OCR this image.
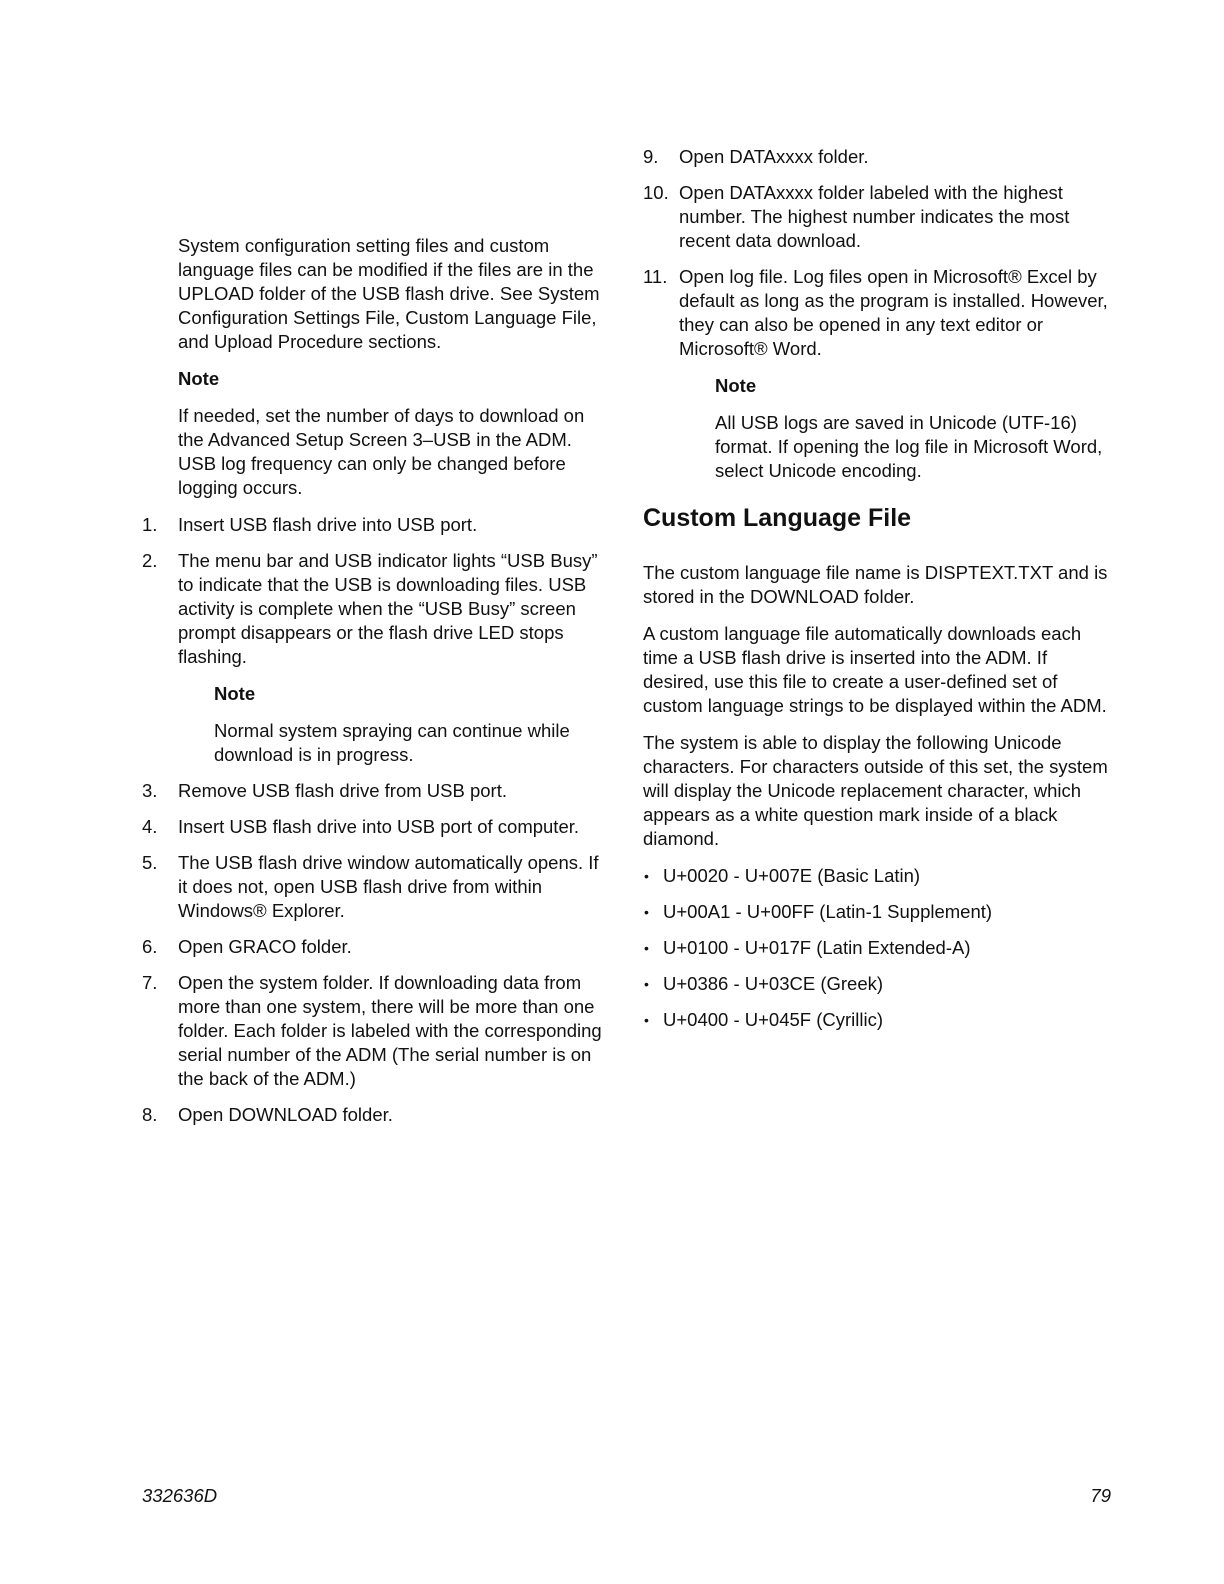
System configuration setting files and custom language files can be modified if the files are in the UPLOAD folder of the USB flash drive. See System Configuration Settings File, Custom Language File, and Upload Procedure sections.

Note

If needed, set the number of days to download on the Advanced Setup Screen 3–USB in the ADM. USB log frequency can only be changed before logging occurs.

1. Insert USB flash drive into USB port.
2. The menu bar and USB indicator lights “USB Busy” to indicate that the USB is downloading files. USB activity is complete when the “USB Busy” screen prompt disappears or the flash drive LED stops flashing.

Note

Normal system spraying can continue while download is in progress.

3. Remove USB flash drive from USB port.
4. Insert USB flash drive into USB port of computer.
5. The USB flash drive window automatically opens. If it does not, open USB flash drive from within Windows® Explorer.
6. Open GRACO folder.
7. Open the system folder. If downloading data from more than one system, there will be more than one folder. Each folder is labeled with the corresponding serial number of the ADM (The serial number is on the back of the ADM.)
8. Open DOWNLOAD folder.
9. Open DATAxxxx folder.
10. Open DATAxxxx folder labeled with the highest number. The highest number indicates the most recent data download.
11. Open log file. Log files open in Microsoft® Excel by default as long as the program is installed. However, they can also be opened in any text editor or Microsoft® Word.

Note

All USB logs are saved in Unicode (UTF-16) format. If opening the log file in Microsoft Word, select Unicode encoding.

Custom Language File

The custom language file name is DISPTEXT.TXT and is stored in the DOWNLOAD folder.

A custom language file automatically downloads each time a USB flash drive is inserted into the ADM. If desired, use this file to create a user-defined set of custom language strings to be displayed within the ADM.

The system is able to display the following Unicode characters. For characters outside of this set, the system will display the Unicode replacement character, which appears as a white question mark inside of a black diamond.

• U+0020 - U+007E (Basic Latin)
• U+00A1 - U+00FF (Latin-1 Supplement)
• U+0100 - U+017F (Latin Extended-A)
• U+0386 - U+03CE (Greek)
• U+0400 - U+045F (Cyrillic)
332636D	79
